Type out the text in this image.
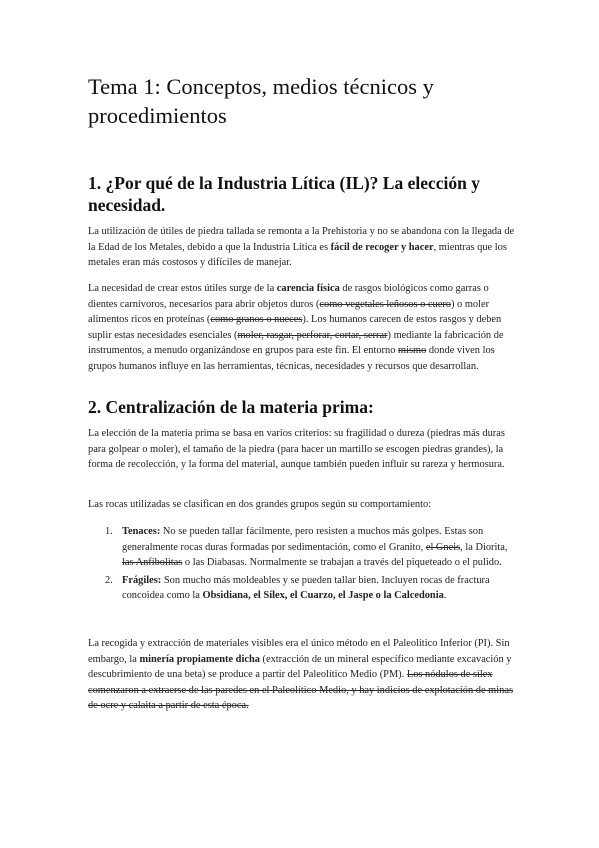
Tema 1: Conceptos, medios técnicos y procedimientos
1. ¿Por qué de la Industria Lítica (IL)? La elección y necesidad.

La utilización de útiles de piedra tallada se remonta a la Prehistoria y no se abandona con la llegada de la Edad de los Metales, debido a que la Industria Lítica es fácil de recoger y hacer, mientras que los metales eran más costosos y difíciles de manejar.

La necesidad de crear estos útiles surge de la carencia física de rasgos biológicos como garras o dientes carnívoros, necesarios para abrir objetos duros (como vegetales leñosos o cuero) o moler alimentos ricos en proteínas (como granos o nueces). Los humanos carecen de estos rasgos y deben suplir estas necesidades esenciales (moler, rasgar, perforar, cortar, serrar) mediante la fabricación de instrumentos, a menudo organizándose en grupos para este fin. El entorno mismo donde viven los grupos humanos influye en las herramientas, técnicas, necesidades y recursos que desarrollan.

2. Centralización de la materia prima:

La elección de la materia prima se basa en varios criterios: su fragilidad o dureza (piedras más duras para golpear o moler), el tamaño de la piedra (para hacer un martillo se escogen piedras grandes), la forma de recolección, y la forma del material, aunque también pueden influir su rareza y hermosura.

Las rocas utilizadas se clasifican en dos grandes grupos según su comportamiento:

1. Tenaces: No se pueden tallar fácilmente, pero resisten a muchos más golpes. Estas son generalmente rocas duras formadas por sedimentación, como el Granito, el Gneis, la Diorita, las Anfibolitas o las Diabasas. Normalmente se trabajan a través del piqueteado o el pulido.
2. Frágiles: Son mucho más moldeables y se pueden tallar bien. Incluyen rocas de fractura concoidea como la Obsidiana, el Sílex, el Cuarzo, el Jaspe o la Calcedonia.

La recogida y extracción de materiales visibles era el único método en el Paleolítico Inferior (PI). Sin embargo, la minería propiamente dicha (extracción de un mineral específico mediante excavación y descubrimiento de una beta) se produce a partir del Paleolítico Medio (PM). Los nódulos de sílex comenzaron a extraerse de las paredes en el Paleolítico Medio, y hay indicios de explotación de minas de ocre y calaita a partir de esta época.
